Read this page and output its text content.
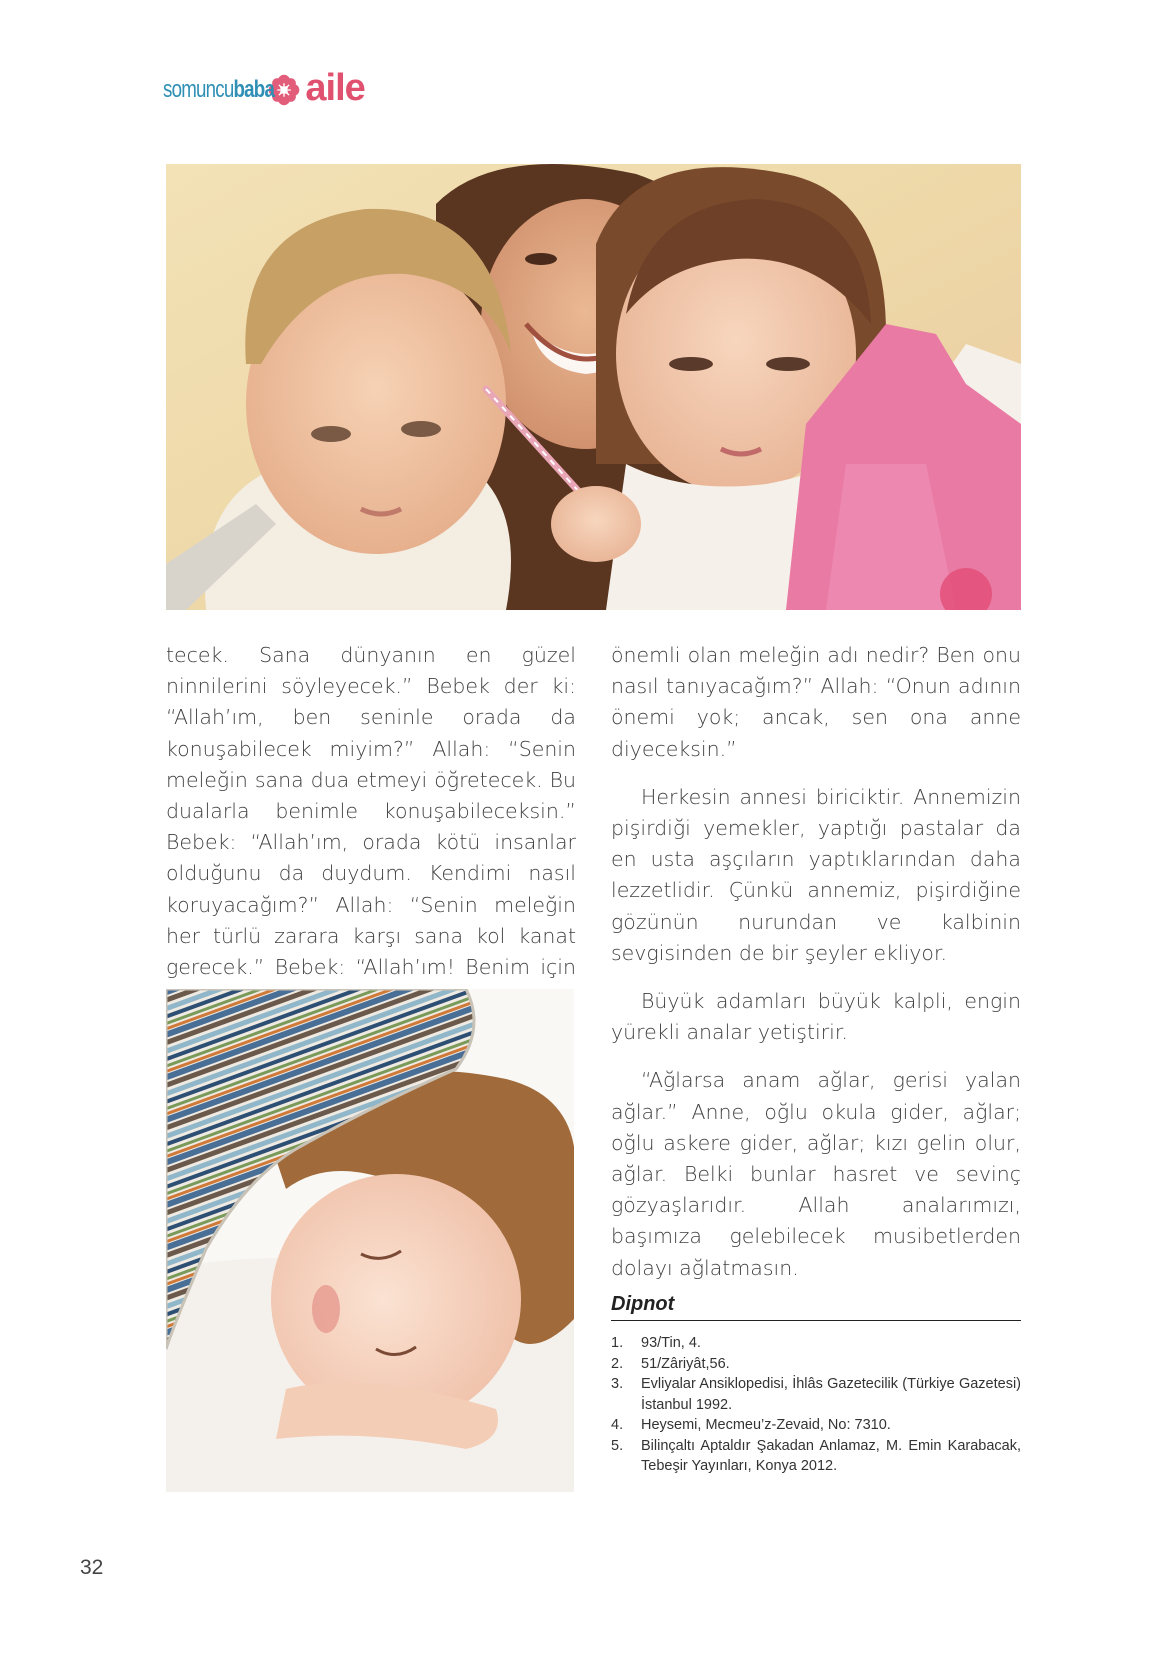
somuncubaba aile

tecek. Sana dünyanın en güzel ninnilerini söyleyecek.” Bebek der ki: “Allah’ım, ben seninle orada da konuşabilecek miyim?” Allah: “Senin meleğin sana dua etmeyi öğretecek. Bu dualarla benimle konuşabileceksin.” Bebek: “Allah’ım, orada kötü insanlar olduğunu da duydum. Kendimi nasıl koruyacağım?” Allah: “Senin meleğin her türlü zarara karşı sana kol kanat gerecek.” Bebek: “Allah’ım! Benim için

önemli olan meleğin adı nedir? Ben onu nasıl tanıyacağım?” Allah: “Onun adının önemi yok; ancak, sen ona anne diyeceksin.”

Herkesin annesi biriciktir. Annemizin pişirdiği yemekler, yaptığı pastalar da en usta aşçıların yaptıklarından daha lezzetlidir. Çünkü annemiz, pişirdiğine gözünün nurundan ve kalbinin sevgisinden de bir şeyler ekliyor.

Büyük adamları büyük kalpli, engin yürekli analar yetiştirir.

“Ağlarsa anam ağlar, gerisi yalan ağlar.” Anne, oğlu okula gider, ağlar; oğlu askere gider, ağlar; kızı gelin olur, ağlar. Belki bunlar hasret ve sevinç gözyaşlarıdır. Allah analarımızı, başımıza gelebilecek musibetlerden dolayı ağlatmasın.

Dipnot
1.	93/Tin, 4.
2.	51/Zâriyât,56.
3.	Evliyalar Ansiklopedisi, İhlâs Gazetecilik (Türkiye Gazetesi) İstanbul 1992.
4.	Heysemi, Mecmeu’z-Zevaid, No: 7310.
5.	Bilinçaltı Aptaldır Şakadan Anlamaz, M. Emin Karabacak, Tebeşir Yayınları, Konya 2012.
32
